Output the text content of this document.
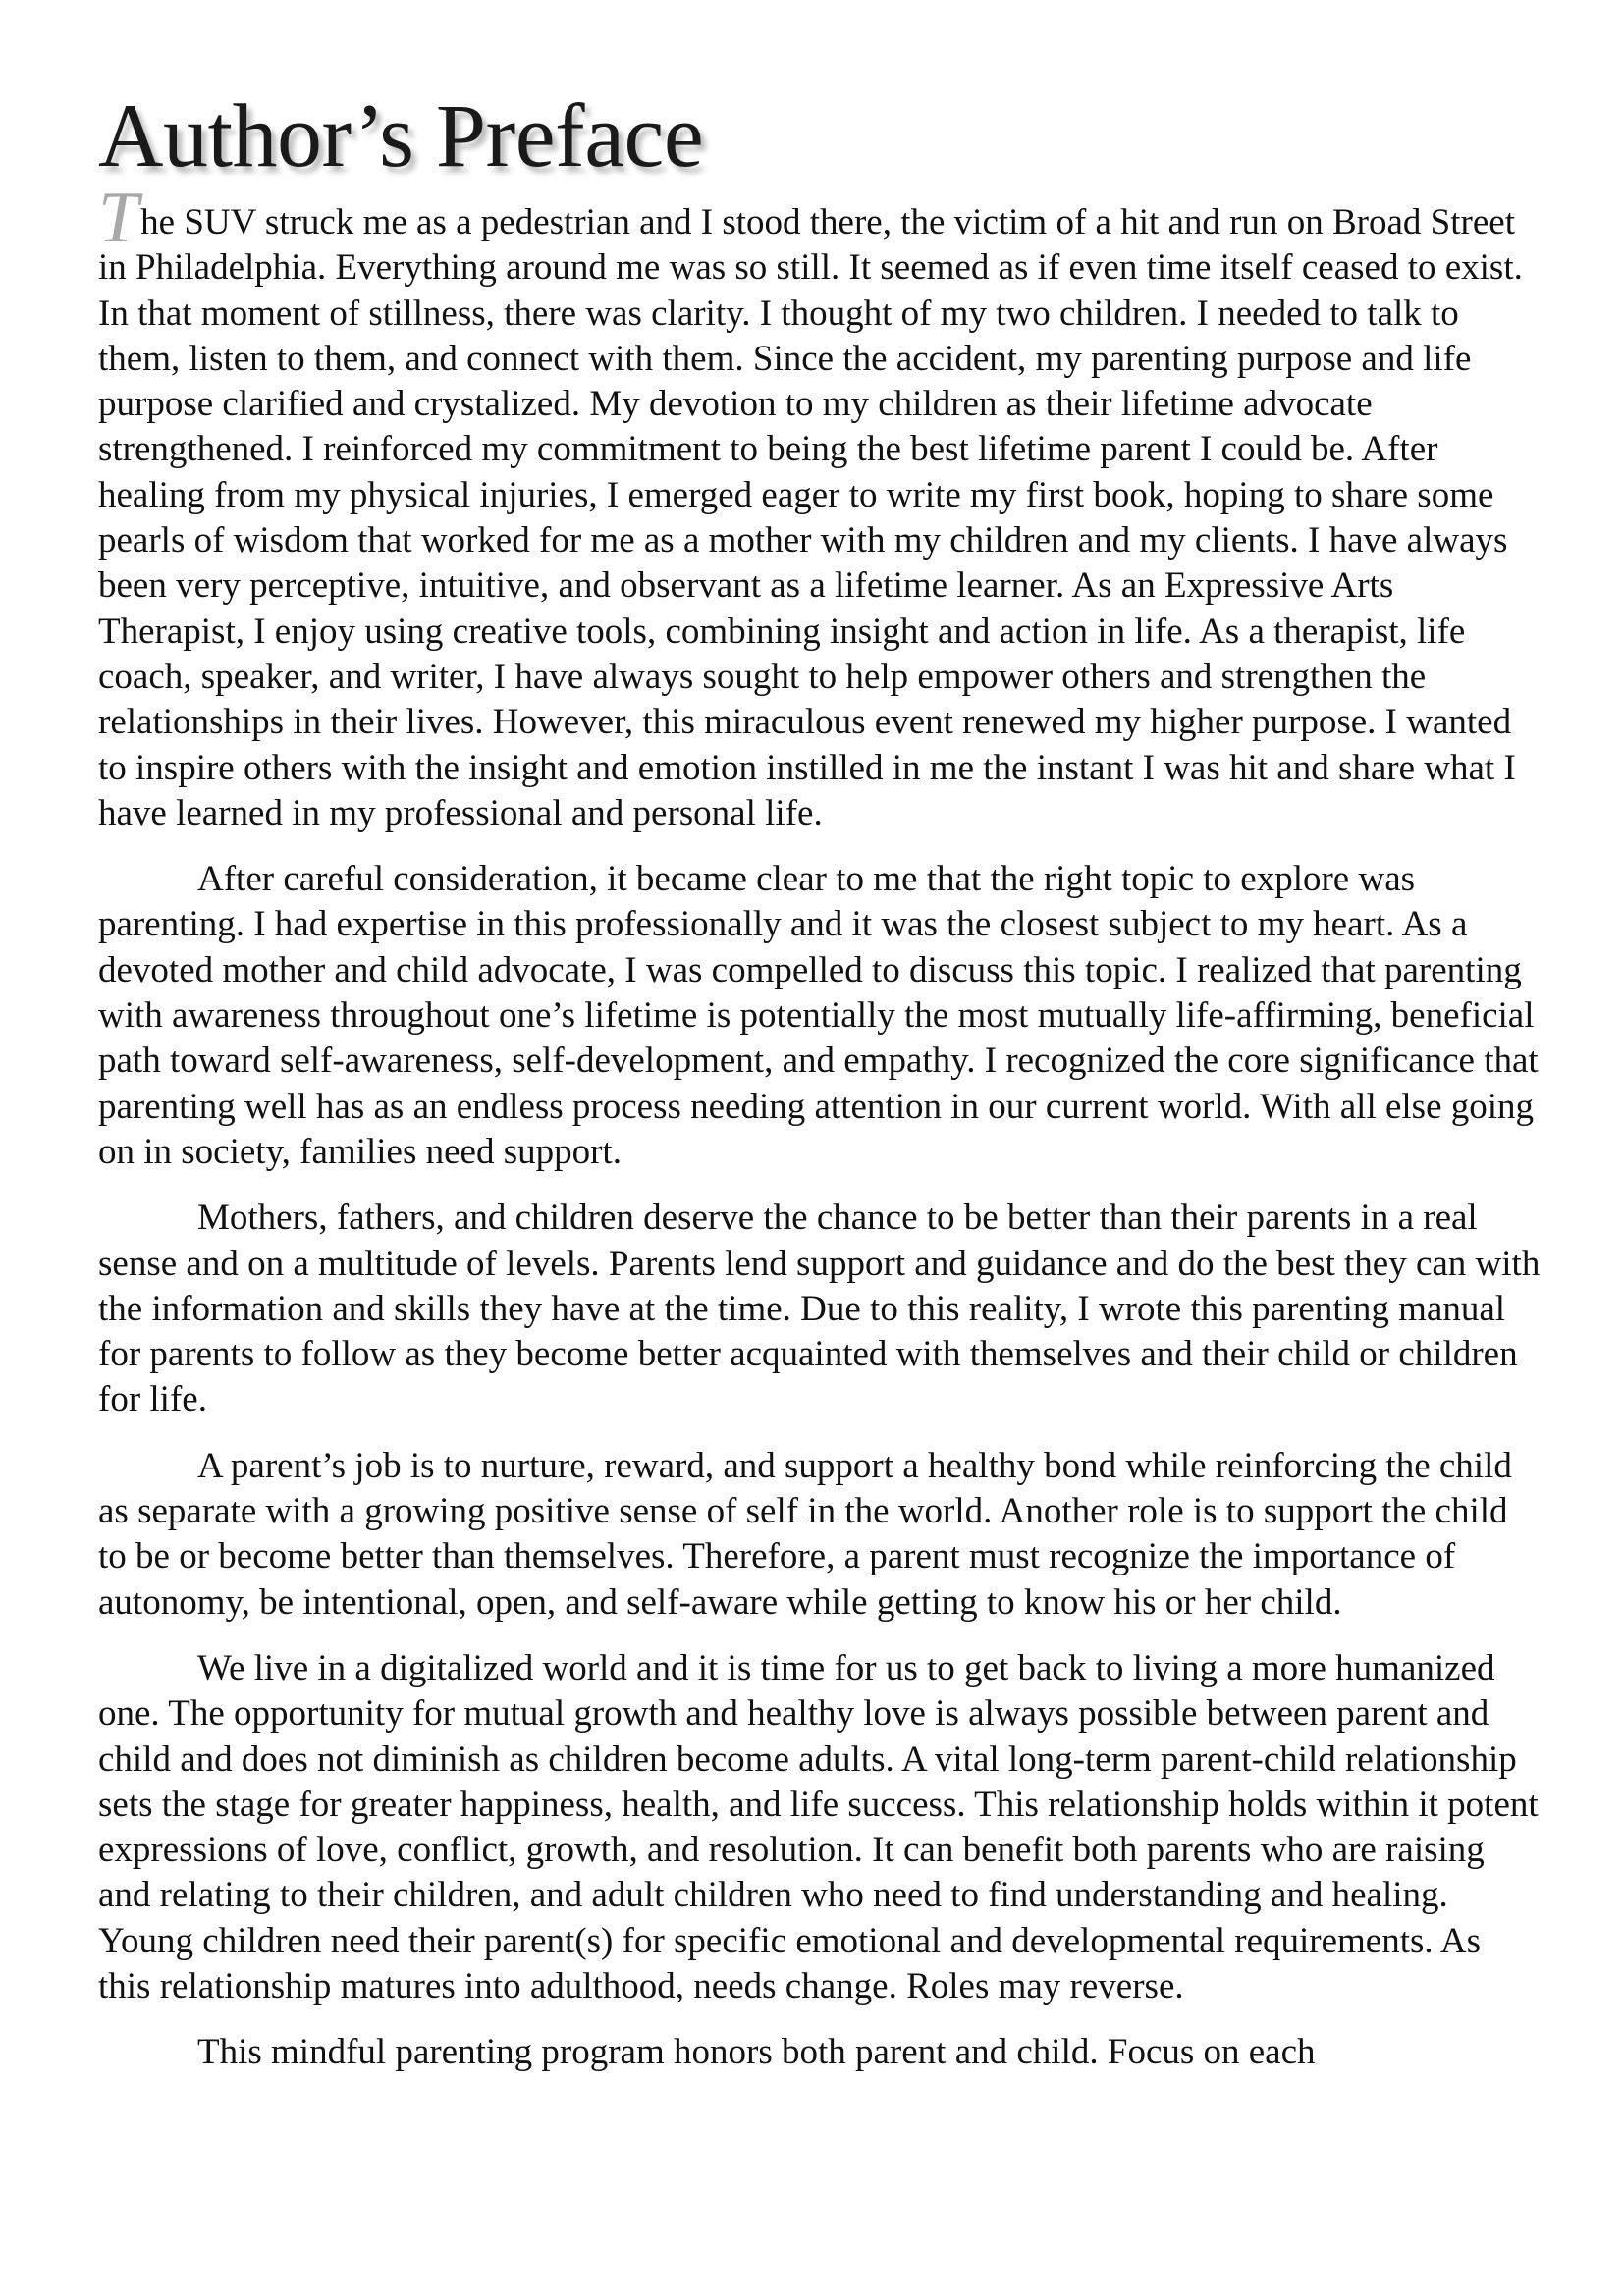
Author’s Preface

The SUV struck me as a pedestrian and I stood there, the victim of a hit and run on Broad Street in Philadelphia. Everything around me was so still. It seemed as if even time itself ceased to exist. In that moment of stillness, there was clarity. I thought of my two children. I needed to talk to them, listen to them, and connect with them. Since the accident, my parenting purpose and life purpose clarified and crystalized. My devotion to my children as their lifetime advocate strengthened. I reinforced my commitment to being the best lifetime parent I could be. After healing from my physical injuries, I emerged eager to write my first book, hoping to share some pearls of wisdom that worked for me as a mother with my children and my clients. I have always been very perceptive, intuitive, and observant as a lifetime learner. As an Expressive Arts Therapist, I enjoy using creative tools, combining insight and action in life. As a therapist, life coach, speaker, and writer, I have always sought to help empower others and strengthen the relationships in their lives. However, this miraculous event renewed my higher purpose. I wanted to inspire others with the insight and emotion instilled in me the instant I was hit and share what I have learned in my professional and personal life.

After careful consideration, it became clear to me that the right topic to explore was parenting. I had expertise in this professionally and it was the closest subject to my heart. As a devoted mother and child advocate, I was compelled to discuss this topic. I realized that parenting with awareness throughout one’s lifetime is potentially the most mutually life-affirming, beneficial path toward self-awareness, self-development, and empathy. I recognized the core significance that parenting well has as an endless process needing attention in our current world. With all else going on in society, families need support.

Mothers, fathers, and children deserve the chance to be better than their parents in a real sense and on a multitude of levels. Parents lend support and guidance and do the best they can with the information and skills they have at the time. Due to this reality, I wrote this parenting manual for parents to follow as they become better acquainted with themselves and their child or children for life.

A parent’s job is to nurture, reward, and support a healthy bond while reinforcing the child as separate with a growing positive sense of self in the world. Another role is to support the child to be or become better than themselves. Therefore, a parent must recognize the importance of autonomy, be intentional, open, and self-aware while getting to know his or her child.

We live in a digitalized world and it is time for us to get back to living a more humanized one. The opportunity for mutual growth and healthy love is always possible between parent and child and does not diminish as children become adults. A vital long-term parent-child relationship sets the stage for greater happiness, health, and life success. This relationship holds within it potent expressions of love, conflict, growth, and resolution. It can benefit both parents who are raising and relating to their children, and adult children who need to find understanding and healing. Young children need their parent(s) for specific emotional and developmental requirements. As this relationship matures into adulthood, needs change. Roles may reverse.

This mindful parenting program honors both parent and child. Focus on each
